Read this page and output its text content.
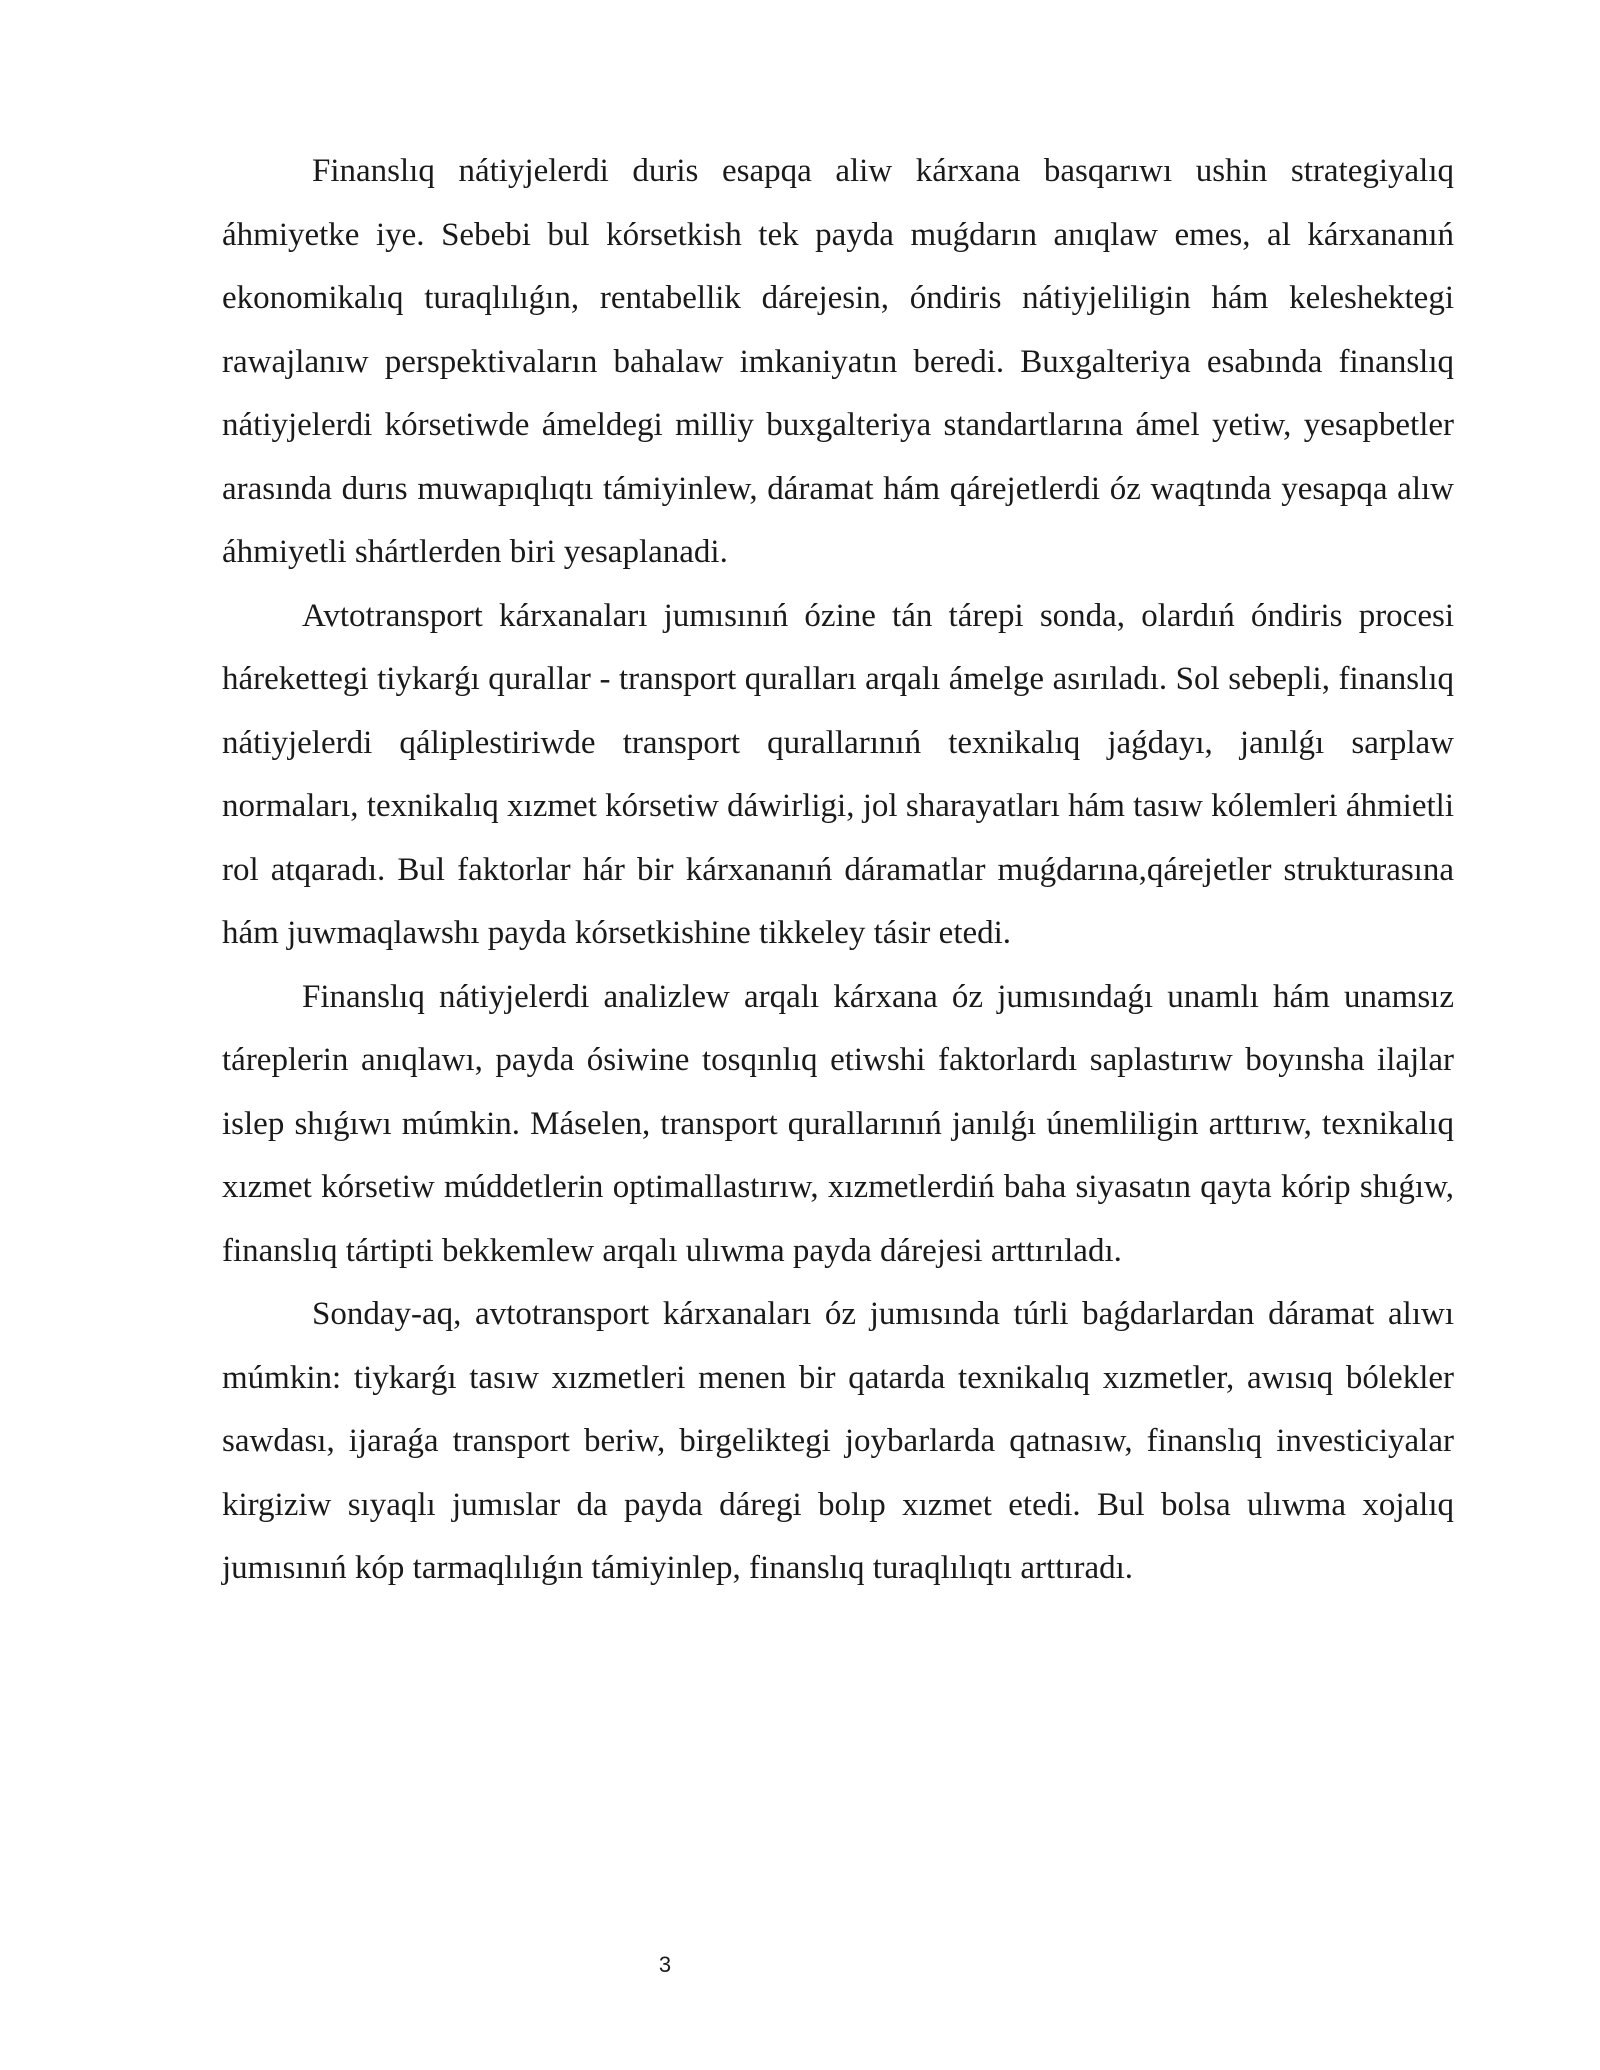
Finanslıq nátiyjelerdi duris esapqa aliw kárxana basqarıwı ushin strategiyalıq áhmiyetke iye. Sebebi bul kórsetkish tek payda muǵdarın anıqlaw emes, al kárxananıń ekonomikalıq turaqlılıǵın, rentabellik dárejesin, óndiris nátiyjeliligin hám keleshektegi rawajlanıw perspektivaların bahalaw imkaniyatın beredi. Buxgalteriya esabında finanslıq nátiyjelerdi kórsetiwde ámeldegi milliy buxgalteriya standartlarına ámel yetiw, yesapbetler arasında durıs muwapıqlıqtı támiyinlew, dáramat hám qárejetlerdi óz waqtında yesapqa alıw áhmiyetli shártlerden biri yesaplanadi.

Avtotransport kárxanaları jumısınıń ózine tán tárepi sonda, olardıń óndiris procesi hárekettegi tiykarǵı qurallar - transport quralları arqalı ámelge asırıladı. Sol sebepli, finanslıq nátiyjelerdi qáliplestiriwde transport qurallarınıń texnikalıq jaǵdayı, janılǵı sarplaw normaları, texnikalıq xızmet kórsetiw dáwirligi, jol sharayatları hám tasıw kólemleri áhmietli rol atqaradı. Bul faktorlar hár bir kárxananıń dáramatlar muǵdarına,qárejetler strukturasına hám juwmaqlawshı payda kórsetkishine tikkeley tásir etedi.

Finanslıq nátiyjelerdi analizlew arqalı kárxana óz jumısındaǵı unamlı hám unamsız táreplerin anıqlawı, payda ósiwine tosqınlıq etiwshi faktorlardı saplastırıw boyınsha ilajlar islep shıǵıwı múmkin. Máselen, transport qurallarınıń janılǵı únemliligin arttırıw, texnikalıq xızmet kórsetiw múddetlerin optimallastırıw, xızmetlerdiń baha siyasatın qayta kórip shıǵıw, finanslıq tártipti bekkemlew arqalı ulıwma payda dárejesi arttırıladı.

Sonday-aq, avtotransport kárxanaları óz jumısında túrli baǵdarlardan dáramat alıwı múmkin: tiykarǵı tasıw xızmetleri menen bir qatarda texnikalıq xızmetler, awısıq bólekler sawdası, ijaraǵa transport beriw, birgeliktegi joybarlarda qatnasıw, finanslıq investiciyalar kirgiziw sıyaqlı jumıslar da payda dáregi bolıp xızmet etedi. Bul bolsa ulıwma xojalıq jumısınıń kóp tarmaqlılıǵın támiyinlep, finanslıq turaqlılıqtı arttıradı.

3
